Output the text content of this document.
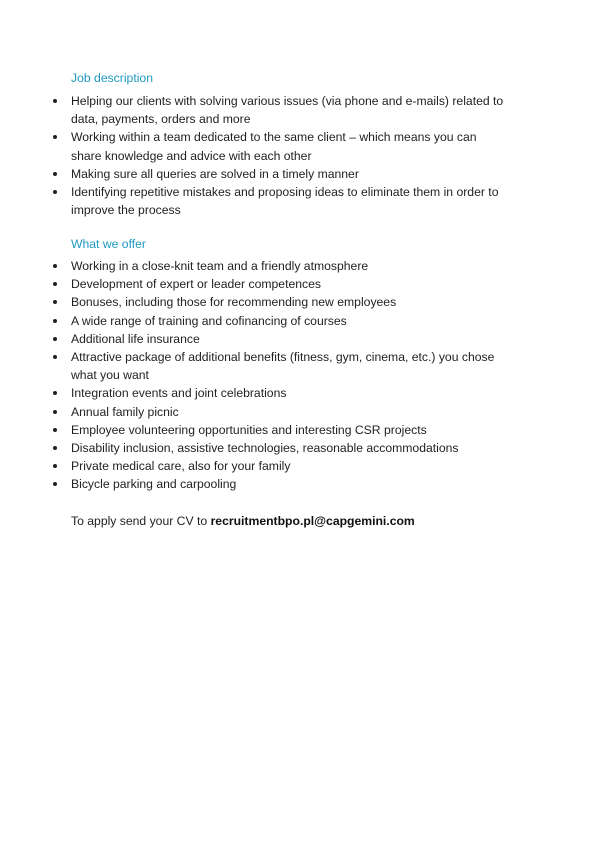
Job description
Helping our clients with solving various issues (via phone and e-mails) related to data, payments, orders and more
Working within a team dedicated to the same client – which means you can share knowledge and advice with each other
Making sure all queries are solved in a timely manner
Identifying repetitive mistakes and proposing ideas to eliminate them in order to improve the process
What we offer
Working in a close-knit team and a friendly atmosphere
Development of expert or leader competences
Bonuses, including those for recommending new employees
A wide range of training and cofinancing of courses
Additional life insurance
Attractive package of additional benefits (fitness, gym, cinema, etc.) you chose what you want
Integration events and joint celebrations
Annual family picnic
Employee volunteering opportunities and interesting CSR projects
Disability inclusion, assistive technologies, reasonable accommodations
Private medical care, also for your family
Bicycle parking and carpooling
To apply send your CV to recruitmentbpo.pl@capgemini.com
